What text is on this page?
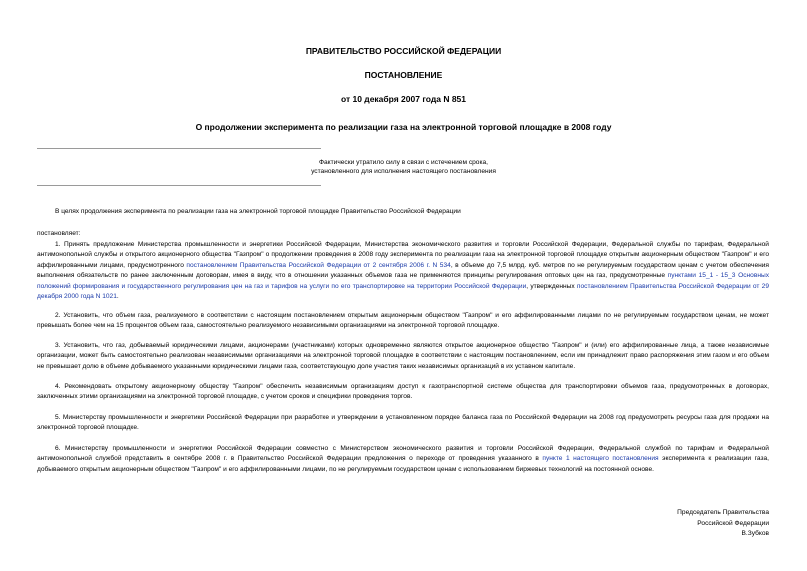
ПРАВИТЕЛЬСТВО РОССИЙСКОЙ ФЕДЕРАЦИИ
ПОСТАНОВЛЕНИЕ
от 10 декабря 2007 года N 851
О продолжении эксперимента по реализации газа на электронной торговой площадке в 2008 году
Фактически утратило силу в связи с истечением срока,
установленного для исполнения настоящего постановления
В целях продолжения эксперимента по реализации газа на электронной торговой площадке Правительство Российской Федерации
постановляет:

1. Принять предложение Министерства промышленности и энергетики Российской Федерации, Министерства экономического развития и торговли Российской Федерации, Федеральной службы по тарифам, Федеральной антимонопольной службы и открытого акционерного общества "Газпром" о продолжении проведения в 2008 году эксперимента по реализации газа на электронной торговой площадке открытым акционерным обществом "Газпром" и его аффилированными лицами, предусмотренного постановлением Правительства Российской Федерации от 2 сентября 2006 г. N 534, в объеме до 7,5 млрд. куб. метров по не регулируемым государством ценам с учетом обеспечения выполнения обязательств по ранее заключенным договорам, имея в виду, что в отношении указанных объемов газа не применяются принципы регулирования оптовых цен на газ, предусмотренные пунктами 15_1 - 15_3 Основных положений формирования и государственного регулирования цен на газ и тарифов на услуги по его транспортировке на территории Российской Федерации, утвержденных постановлением Правительства Российской Федерации от 29 декабря 2000 года N 1021.

2. Установить, что объем газа, реализуемого в соответствии с настоящим постановлением открытым акционерным обществом "Газпром" и его аффилированными лицами по не регулируемым государством ценам, не может превышать более чем на 15 процентов объем газа, самостоятельно реализуемого независимыми организациями на электронной торговой площадке.

3. Установить, что газ, добываемый юридическими лицами, акционерами (участниками) которых одновременно являются открытое акционерное общество "Газпром" и (или) его аффилированные лица, а также независимые организации, может быть самостоятельно реализован независимыми организациями на электронной торговой площадке в соответствии с настоящим постановлением, если им принадлежит право распоряжения этим газом и его объем не превышает долю в объеме добываемого указанными юридическими лицами газа, соответствующую доле участия таких независимых организаций в их уставном капитале.

4. Рекомендовать открытому акционерному обществу "Газпром" обеспечить независимым организациям доступ к газотранспортной системе общества для транспортировки объемов газа, предусмотренных в договорах, заключенных этими организациями на электронной торговой площадке, с учетом сроков и специфики проведения торгов.

5. Министерству промышленности и энергетики Российской Федерации при разработке и утверждении в установленном порядке баланса газа по Российской Федерации на 2008 год предусмотреть ресурсы газа для продажи на электронной торговой площадке.

6. Министерству промышленности и энергетики Российской Федерации совместно с Министерством экономического развития и торговли Российской Федерации, Федеральной службой по тарифам и Федеральной антимонопольной службой представить в сентябре 2008 г. в Правительство Российской Федерации предложения о переходе от проведения указанного в пункте 1 настоящего постановления эксперимента к реализации газа, добываемого открытым акционерным обществом "Газпром" и его аффилированными лицами, по не регулируемым государством ценам с использованием биржевых технологий на постоянной основе.

Председатель Правительства
Российской Федерации
В.Зубков
